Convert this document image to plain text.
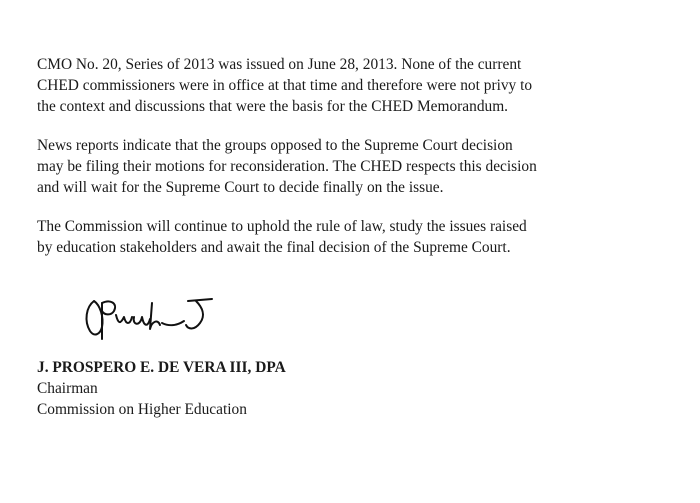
CMO No. 20, Series of 2013 was issued on June 28, 2013. None of the current
CHED commissioners were in office at that time and therefore were not privy to
the context and discussions that were the basis for the CHED Memorandum.

News reports indicate that the groups opposed to the Supreme Court decision
may be filing their motions for reconsideration. The CHED respects this decision
and will wait for the Supreme Court to decide finally on the issue.

The Commission will continue to uphold the rule of law, study the issues raised
by education stakeholders and await the final decision of the Supreme Court.

J. PROSPERO E. DE VERA III, DPA
Chairman
Commission on Higher Education
